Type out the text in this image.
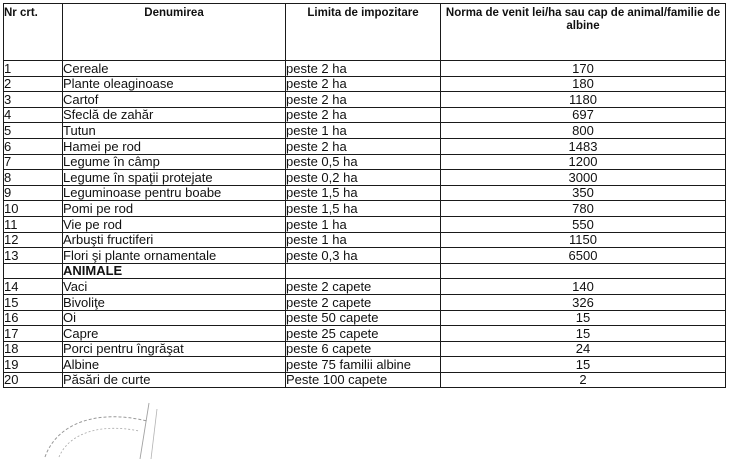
Nr crt.	Denumirea	Limita de impozitare	Norma de venit lei/ha sau cap de animal/familie de albine
1	Cereale	peste 2 ha	170
2	Plante oleaginoase	peste 2 ha	180
3	Cartof	peste 2 ha	1180
4	Sfeclă de zahăr	peste 2 ha	697
5	Tutun	peste 1 ha	800
6	Hamei pe rod	peste 2 ha	1483
7	Legume în câmp	peste 0,5 ha	1200
8	Legume în spaţii protejate	peste 0,2 ha	3000
9	Leguminoase pentru boabe	peste 1,5 ha	350
10	Pomi pe rod	peste 1,5 ha	780
11	Vie pe rod	peste 1 ha	550
12	Arbuşti fructiferi	peste 1 ha	1150
13	Flori şi plante ornamentale	peste 0,3 ha	6500
	ANIMALE		
14	Vaci	peste 2 capete	140
15	Bivoliţe	peste 2 capete	326
16	Oi	peste 50 capete	15
17	Capre	peste 25 capete	15
18	Porci pentru îngrăşat	peste 6 capete	24
19	Albine	peste 75 familii albine	15
20	Păsări de curte	Peste 100 capete	2
